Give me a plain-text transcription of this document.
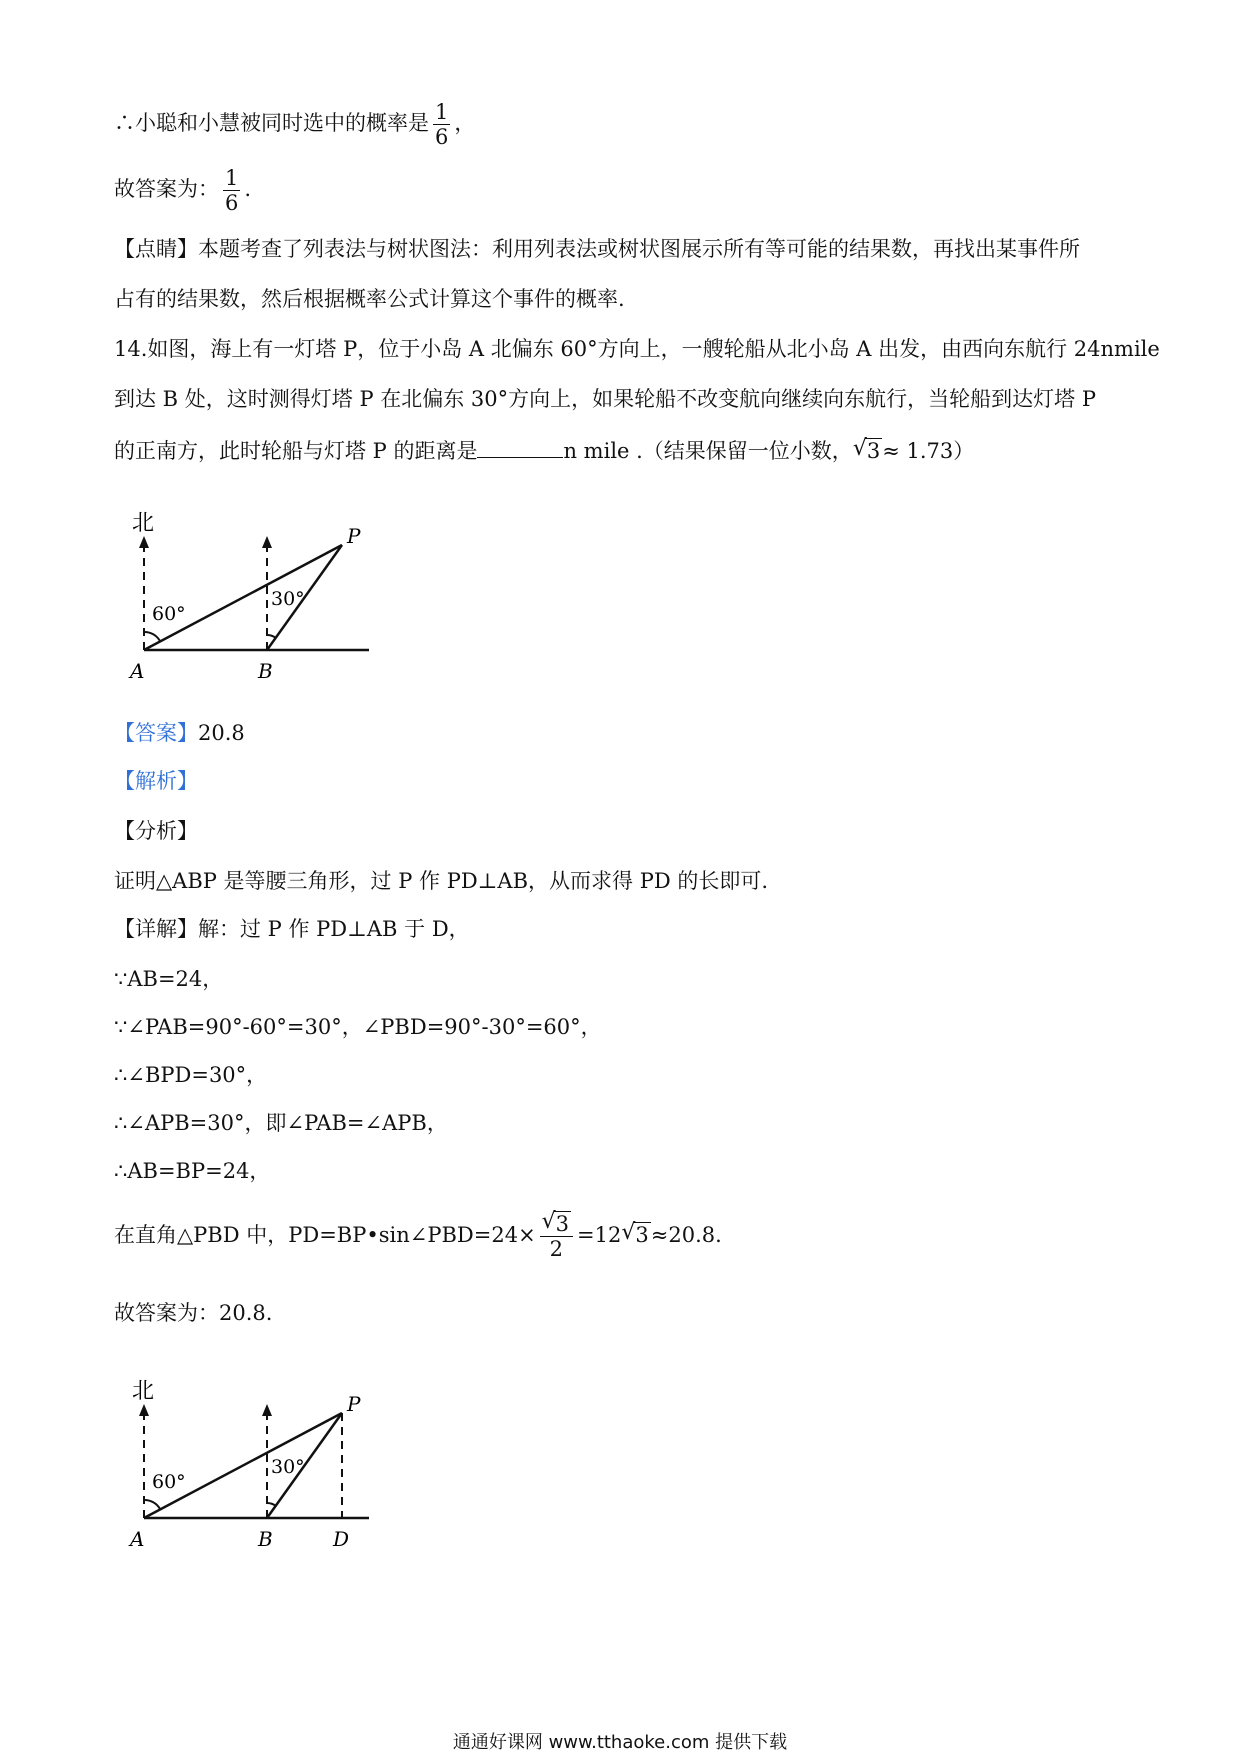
∴小聪和小慧被同时选中的概率是 $\frac{1}{6}$ ，
故答案为： $\frac{1}{6}$ .
【点睛】本题考查了列表法与树状图法：利用列表法或树状图展示所有等可能的结果数，再找出某事件所
占有的结果数，然后根据概率公式计算这个事件的概率.
14.如图，海上有一灯塔 P，位于小岛 A 北偏东 60°方向上，一艘轮船从北小岛 A 出发，由西向东航行 24nmile
到达 B 处，这时测得灯塔 P 在北偏东 30°方向上，如果轮船不改变航向继续向东航行，当轮船到达灯塔 P
的正南方，此时轮船与灯塔 P 的距离是	n mile .（结果保留一位小数， √ 3≈ 1.73）
北
60°
30°
A	B
P
【答案】20.8
【解析】
【分析】
证明△ABP 是等腰三角形，过 P 作 PD⊥AB，从而求得 PD 的长即可.
【详解】解：过 P 作 PD⊥AB 于 D，
∵AB=24，
∵∠PAB=90°-60°=30°，∠PBD=90°-30°=60°，
∴∠BPD=30°，
∴∠APB=30°，即∠PAB=∠APB，
∴AB=BP=24，
在直角△PBD 中，PD=BP•sin∠PBD=24× $\frac{√ 3}{2} =12$ √ 3≈20.8.
故答案为：20.8.
北
60°
30°
A	B	D
P
通通好课网 www.tthaoke.com 提供下载
